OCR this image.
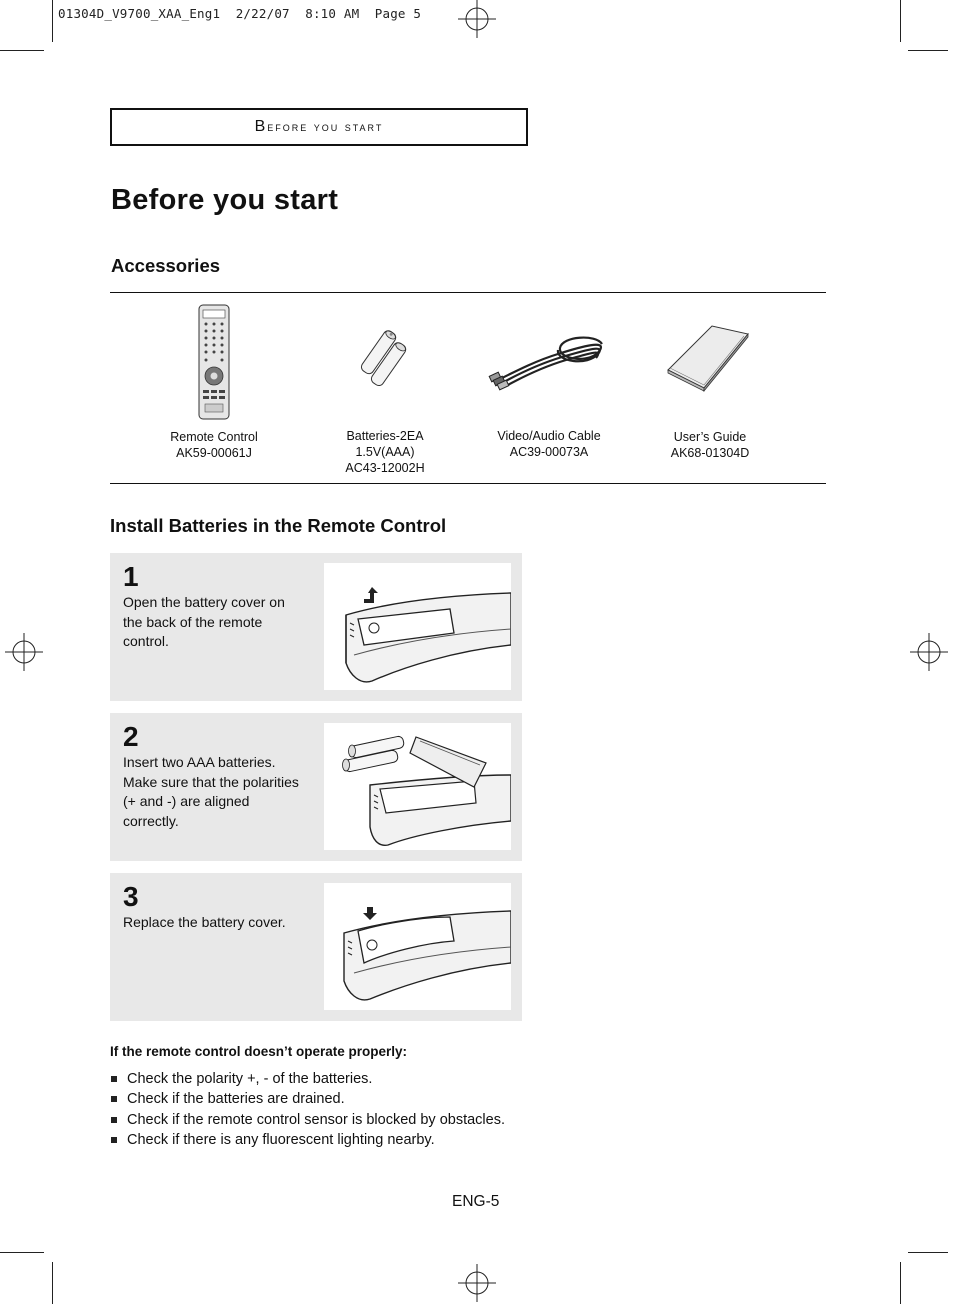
01304D_V9700_XAA_Eng1  2/22/07  8:10 AM  Page 5
Before you start
Before you start
Accessories
Remote Control
AK59-00061J
Batteries-2EA
1.5V(AAA)
AC43-12002H
Video/Audio Cable
AC39-00073A
User’s Guide
AK68-01304D
Install Batteries in the Remote Control
1
Open the battery cover on the back of the remote control.
2
Insert two AAA batteries. Make sure that the polarities (+ and -) are aligned correctly.
3
Replace the battery cover.
If the remote control doesn’t operate properly:
Check the polarity +, - of the batteries.
Check if the batteries are drained.
Check if the remote control sensor is blocked by obstacles.
Check if there is any fluorescent lighting nearby.
ENG-5
